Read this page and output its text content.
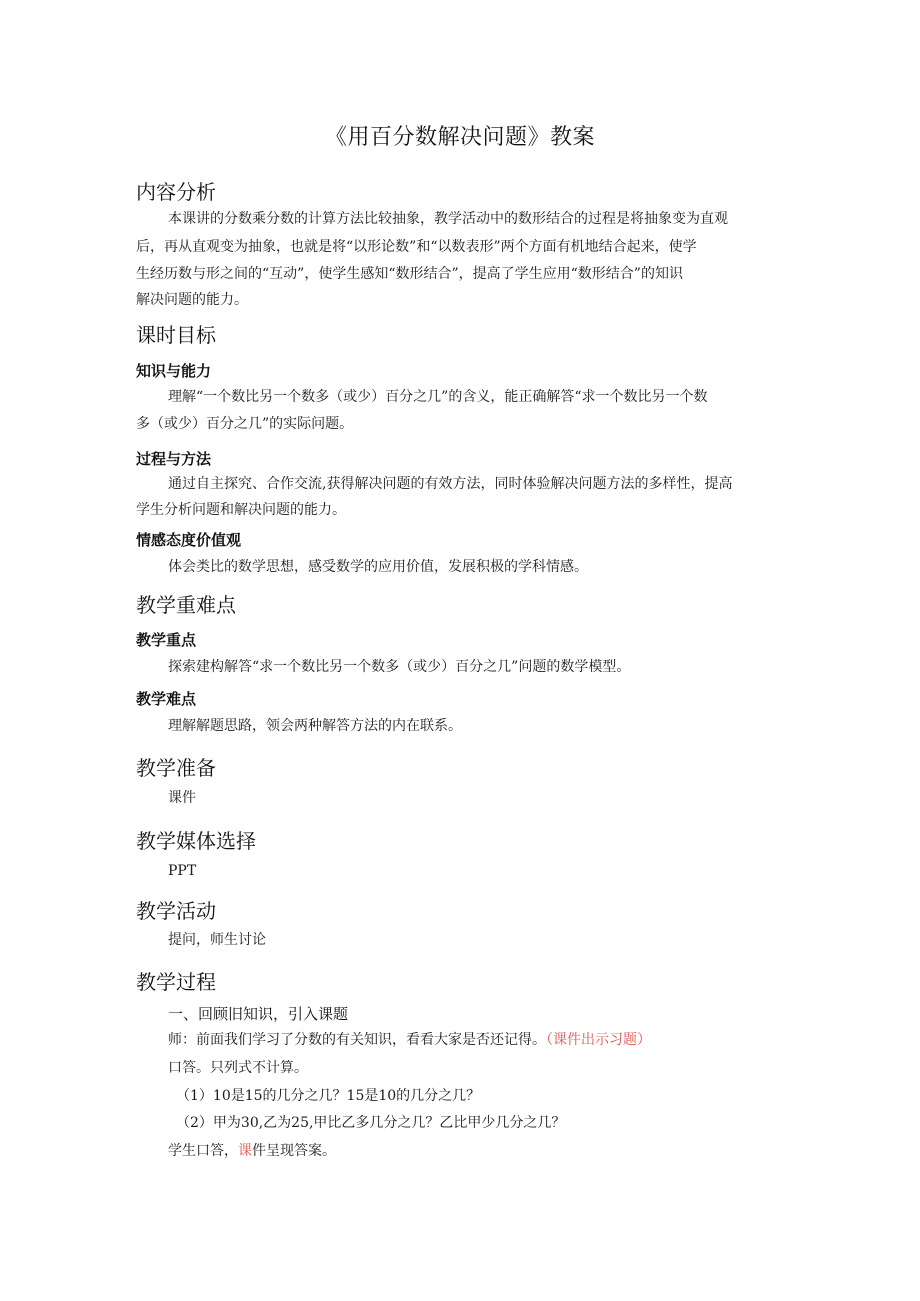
《用百分数解决问题》教案
内容分析
本课讲的分数乘分数的计算方法比较抽象，教学活动中的数形结合的过程是将抽象变为直观
后，再从直观变为抽象，也就是将“以形论数”和“以数表形”两个方面有机地结合起来，使学
生经历数与形之间的“互动”，使学生感知“数形结合”，提高了学生应用“数形结合”的知识
解决问题的能力。
课时目标
知识与能力
理解“一个数比另一个数多（或少）百分之几”的含义，能正确解答“求一个数比另一个数
多（或少）百分之几”的实际问题。
过程与方法
通过自主探究、合作交流,获得解决问题的有效方法，同时体验解决问题方法的多样性，提高
学生分析问题和解决问题的能力。
情感态度价值观
体会类比的数学思想，感受数学的应用价值，发展积极的学科情感。
教学重难点
教学重点
探索建构解答“求一个数比另一个数多（或少）百分之几”问题的数学模型。
教学难点
理解解题思路，领会两种解答方法的内在联系。
教学准备
课件
教学媒体选择
PPT
教学活动
提问，师生讨论
教学过程
一、回顾旧知识，引入课题
师：前面我们学习了分数的有关知识，看看大家是否还记得。（课件出示习题）
口答。只列式不计算。
（1）10是15的几分之几？15是10的几分之几？
（2）甲为30,乙为25,甲比乙多几分之几？乙比甲少几分之几？
学生口答，课件呈现答案。
